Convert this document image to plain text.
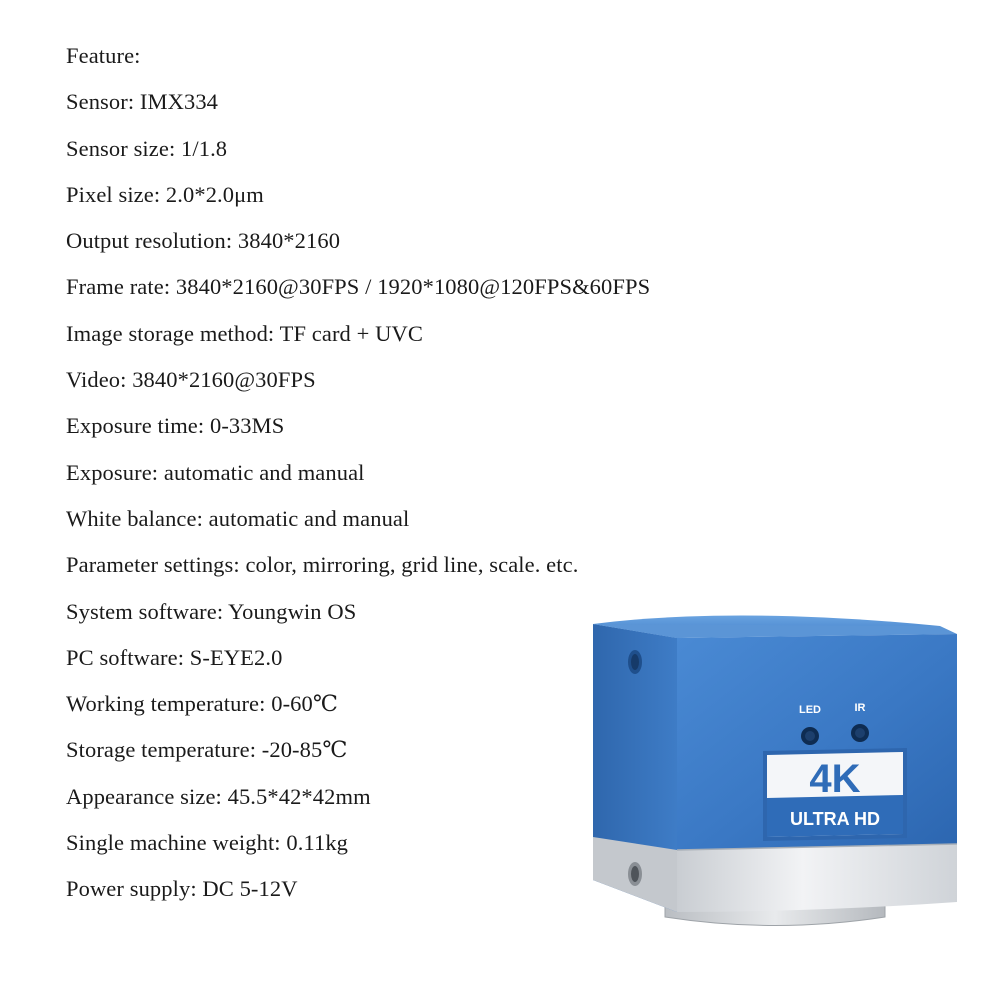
Feature:
Sensor: IMX334
Sensor size: 1/1.8
Pixel size: 2.0*2.0μm
Output resolution: 3840*2160
Frame rate: 3840*2160@30FPS / 1920*1080@120FPS&60FPS
Image storage method: TF card + UVC
Video: 3840*2160@30FPS
Exposure time: 0-33MS
Exposure: automatic and manual
White balance: automatic and manual
Parameter settings: color, mirroring, grid line, scale. etc.
System software: Youngwin OS
PC software: S-EYE2.0
Working temperature: 0-60℃
Storage temperature: -20-85℃
Appearance size: 45.5*42*42mm
Single machine weight: 0.11kg
Power supply: DC 5-12V
LED	IR
4K
ULTRA HD
